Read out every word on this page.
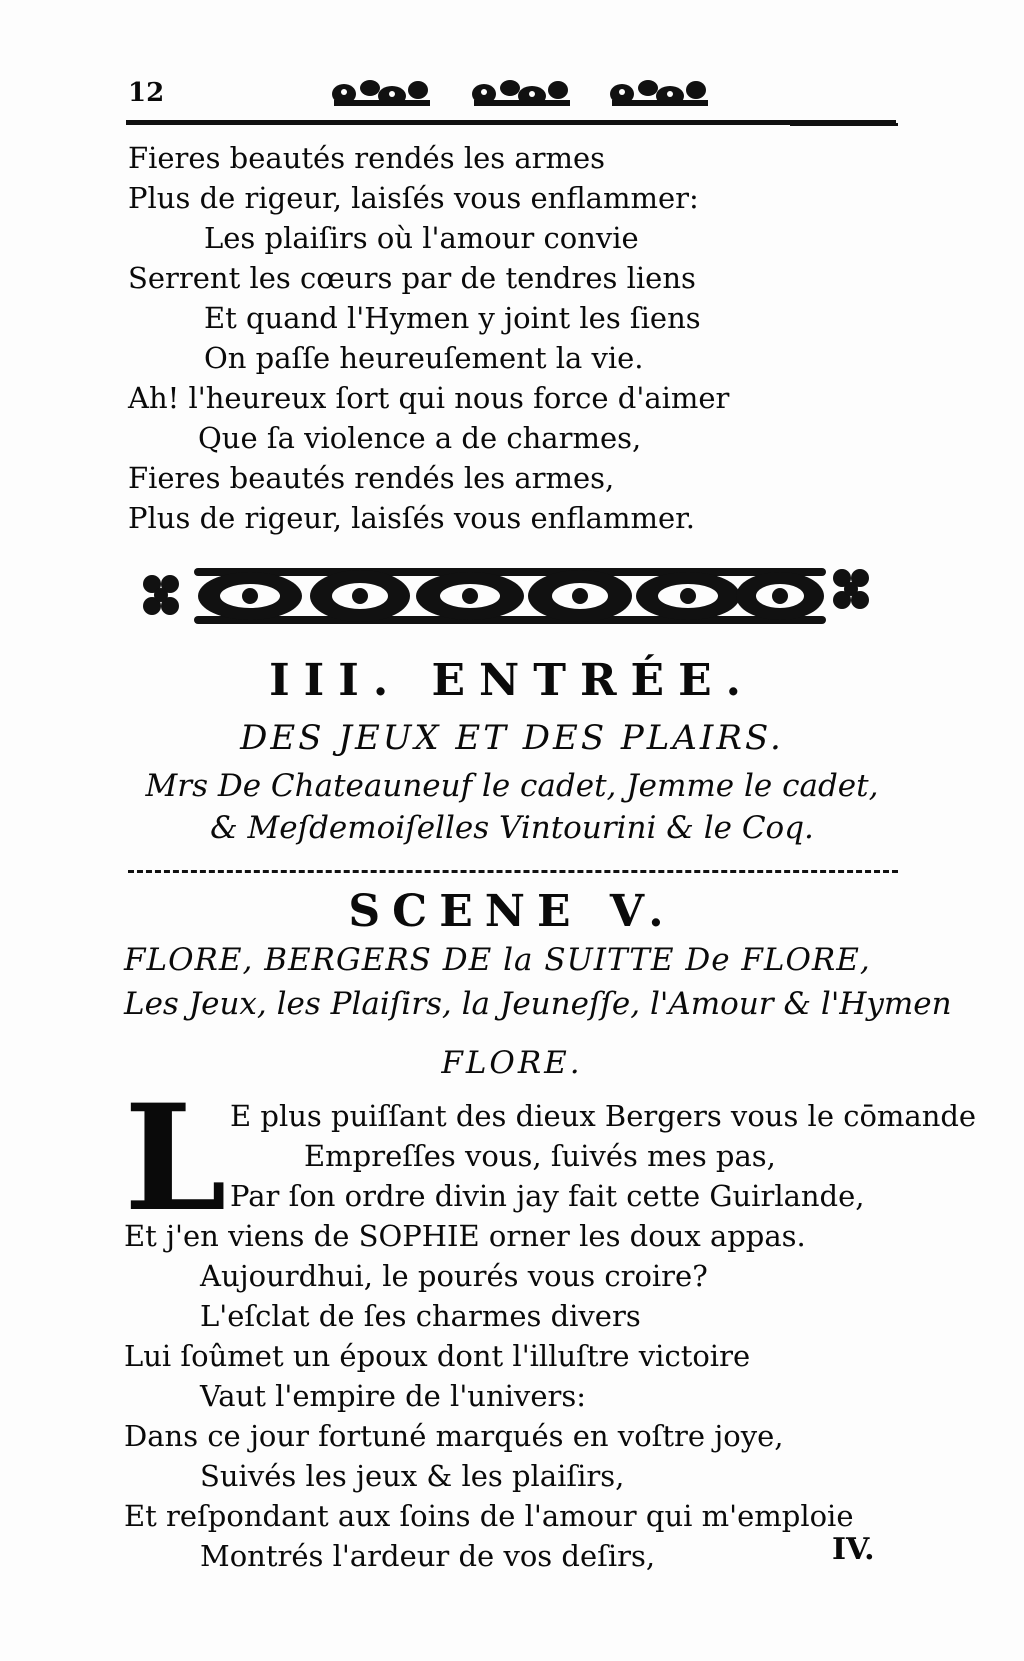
12
Fieres beautés rendés les armes
Plus de rigeur, laisſés vous enflammer:
Les plaiſirs où l'amour convie
Serrent les cœurs par de tendres liens
Et quand l'Hymen y joint les ſiens
On paſſe heureuſement la vie.
Ah! l'heureux ſort qui nous force d'aimer
Que ſa violence a de charmes,
Fieres beautés rendés les armes,
Plus de rigeur, laisſés vous enflammer.
III. ENTRÉE.
DES JEUX ET DES PLAIRS.
Mrs De Chateauneuf le cadet, Jemme le cadet,
& Meſdemoiſelles Vintourini & le Coq.
SCENE V.
FLORE, BERGERS DE la SUITTE De FLORE,
Les Jeux, les Plaiſirs, la Jeuneſſe, l'Amour & l'Hymen
FLORE.
L E plus puiſſant des dieux Bergers vous le cōmande
Empreſſes vous, ſuivés mes pas,
Par ſon ordre divin jay fait cette Guirlande,
Et j'en viens de SOPHIE orner les doux appas.
Aujourdhui, le pourés vous croire?
L'eſclat de ſes charmes divers
Lui ſoûmet un époux dont l'illuſtre victoire
Vaut l'empire de l'univers:
Dans ce jour fortuné marqués en voſtre joye,
Suivés les jeux & les plaiſirs,
Et reſpondant aux ſoins de l'amour qui m'emploie
Montrés l'ardeur de vos deſirs,	IV.
